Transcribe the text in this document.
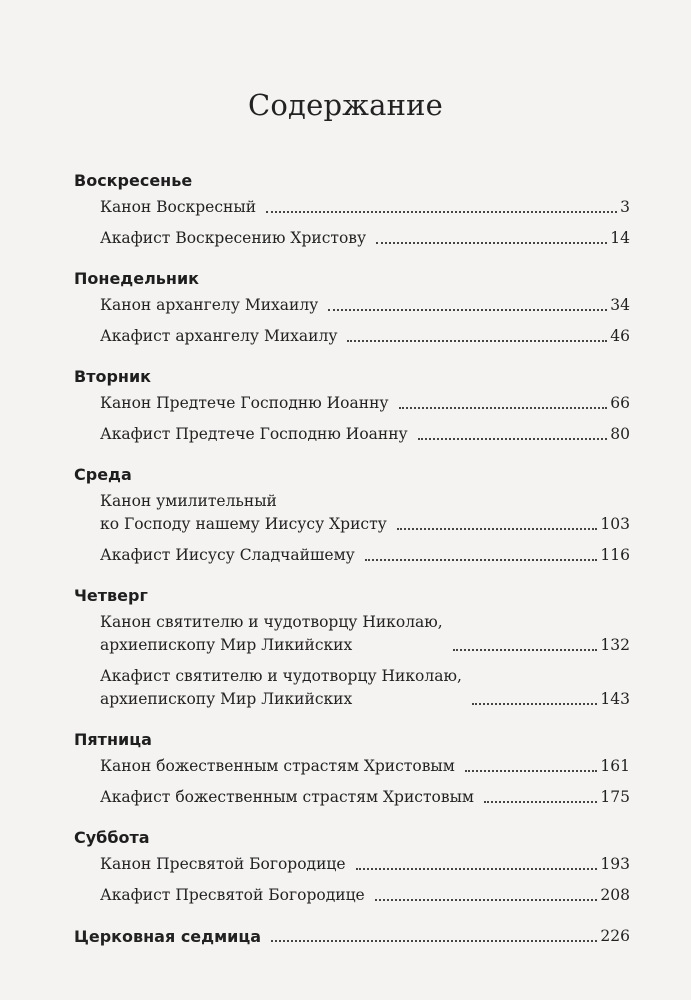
Содержание
Воскресенье
Канон Воскресный	3
Акафист Воскресению Христову	14
Понедельник
Канон архангелу Михаилу	34
Акафист архангелу Михаилу	46
Вторник
Канон Предтече Господню Иоанну	66
Акафист Предтече Господню Иоанну	80
Среда
Канон умилительный
ко Господу нашему Иисусу Христу	103
Акафист Иисусу Сладчайшему	116
Четверг
Канон святителю и чудотворцу Николаю,
архиепископу Мир Ликийских	132
Акафист святителю и чудотворцу Николаю,
архиепископу Мир Ликийских	143
Пятница
Канон божественным страстям Христовым	161
Акафист божественным страстям Христовым	175
Суббота
Канон Пресвятой Богородице	193
Акафист Пресвятой Богородице	208
Церковная седмица	226
